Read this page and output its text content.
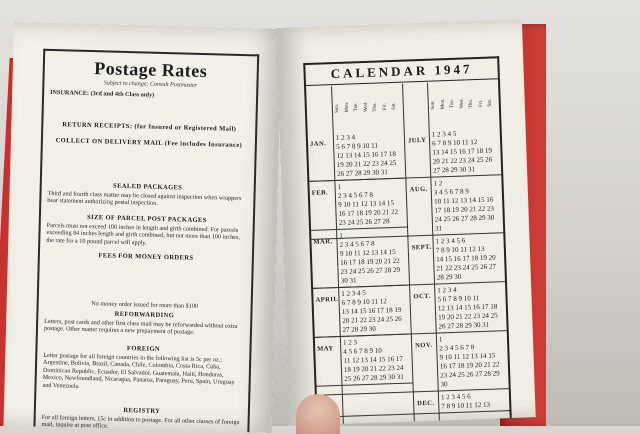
Postage Rates
Subject to change; Consult Postmaster
INSURANCE: (3rd and 4th Class only)
RETURN RECEIPTS: (for Insured or Registered Mail)
COLLECT ON DELIVERY MAIL (Fee includes Insurance)
SEALED PACKAGES
Third and fourth class matter may be closed against inspection when wrappers bear statement authorizing postal inspection.
SIZE OF PARCEL POST PACKAGES
Parcels must not exceed 100 inches in length and girth combined. For parcels exceeding 84 inches length and girth combined, but not more than 100 inches, the rate for a 10 pound parcel will apply.
FEES FOR MONEY ORDERS
No money order issued for more than $100
REFORWARDING
Letters, post cards and other first class mail may be reforwarded without extra postage. Other matter requires a new prepayment of postage.
FOREIGN
Letter postage for all foreign countries in the following list is 5c per oz.: Argentine, Bolivia, Brazil, Canada, Chile, Colombia, Costa Rica, Cuba, Dominican Republic, Ecuador, El Salvador, Guatemala, Haiti, Honduras, Mexico, Newfoundland, Nicaragua, Panama, Paraguay, Peru, Spain, Uruguay and Venezuela.
REGISTRY
For all foreign letters, 15c in addition to postage. For all other classes of foreign mail, inquire at post office.
CALENDAR 1947
Sun. Mon. Tue. Wed. Thu. Fri. Sat.	Sun. Mon. Tue. Wed. Thu. Fri. Sat.
JAN.
1 2 3 4
5 6 7 8 9 10 11
12 13 14 15 16 17 18
19 20 21 22 23 24 25
26 27 28 29 30 31
FEB.
1
2 3 4 5 6 7 8
9 10 11 12 13 14 15
16 17 18 19 20 21 22
23 24 25 26 27 28
MAR.
1
2 3 4 5 6 7 8
9 10 11 12 13 14 15
16 17 18 19 20 21 22
23 24 25 26 27 28 29
30 31
APRIL
1 2 3 4 5
6 7 8 9 10 11 12
13 14 15 16 17 18 19
20 21 22 23 24 25 26
27 28 29 30
MAY
1 2 3
4 5 6 7 8 9 10
11 12 13 14 15 16 17
18 19 20 21 22 23 24
25 26 27 28 29 30 31
JULY
1 2 3 4 5
6 7 8 9 10 11 12
13 14 15 16 17 18 19
20 21 22 23 24 25 26
27 28 29 30 31
AUG.
1 2
3 4 5 6 7 8 9
10 11 12 13 14 15 16
17 18 19 20 21 22 23
24 25 26 27 28 29 30
31
SEPT.
1 2 3 4 5 6
7 8 9 10 11 12 13
14 15 16 17 18 19 20
21 22 23 24 25 26 27
28 29 30
OCT.
1 2 3 4
5 6 7 8 9 10 11
12 13 14 15 16 17 18
19 20 21 22 23 24 25
26 27 28 29 30 31
NOV.
1
2 3 4 5 6 7 8
9 10 11 12 13 14 15
16 17 18 19 20 21 22
23 24 25 26 27 28 29
30
DEC.
1 2 3 4 5 6
7 8 9 10 11 12 13
